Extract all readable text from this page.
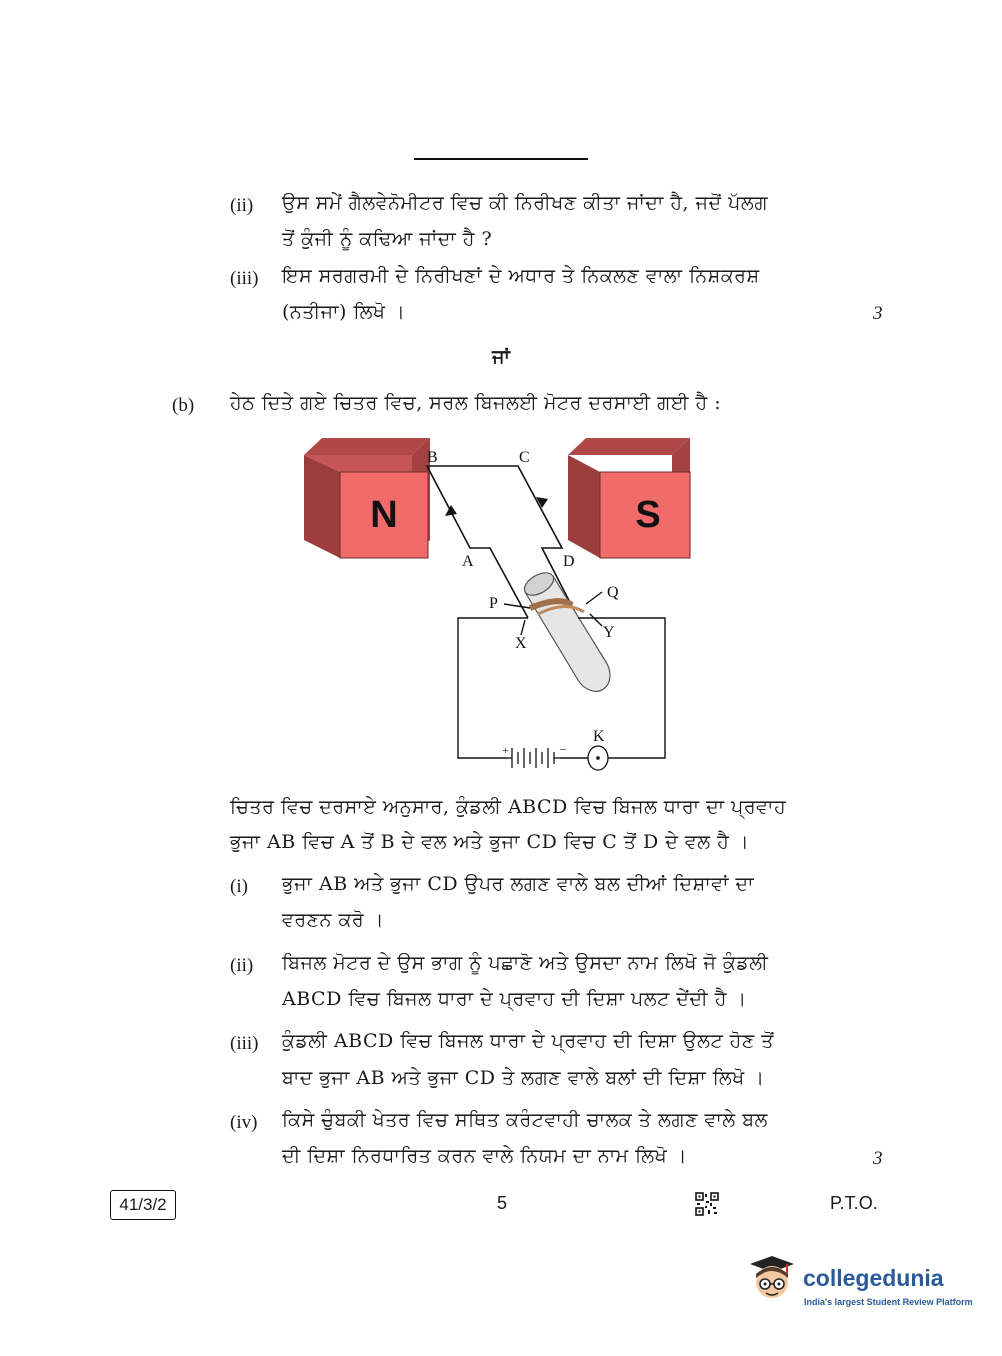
(ii) ਉਸ ਸਮੇਂ ਗੈਲਵੇਨੋਮੀਟਰ ਵਿਚ ਕੀ ਨਿਰੀਖਣ ਕੀਤਾ ਜਾਂਦਾ ਹੈ, ਜਦੋਂ ਪੱਲਗ
ਤੋਂ ਕੁੰਜੀ ਨੂੰ ਕਢਿਆ ਜਾਂਦਾ ਹੈ ?
(iii) ਇਸ ਸਰਗਰਮੀ ਦੇ ਨਿਰੀਖਣਾਂ ਦੇ ਅਧਾਰ ਤੇ ਨਿਕਲਣ ਵਾਲਾ ਨਿਸ਼ਕਰਸ਼
(ਨਤੀਜਾ) ਲਿਖੋ ।	3
ਜਾਂ
(b) ਹੇਠ ਦਿਤੇ ਗਏ ਚਿਤਰ ਵਿਚ, ਸਰਲ ਬਿਜਲਈ ਮੋਟਰ ਦਰਸਾਈ ਗਈ ਹੈ :
N	S
+	–
B	C
A	D
P
Q
X
Y
K
ਚਿਤਰ ਵਿਚ ਦਰਸਾਏ ਅਨੁਸਾਰ, ਕੁੰਡਲੀ ABCD ਵਿਚ ਬਿਜਲ ਧਾਰਾ ਦਾ ਪ੍ਰਵਾਹ
ਭੁਜਾ AB ਵਿਚ A ਤੋਂ B ਦੇ ਵਲ ਅਤੇ ਭੁਜਾ CD ਵਿਚ C ਤੋਂ D ਦੇ ਵਲ ਹੈ ।
(i) ਭੁਜਾ AB ਅਤੇ ਭੁਜਾ CD ਉਪਰ ਲਗਣ ਵਾਲੇ ਬਲ ਦੀਆਂ ਦਿਸ਼ਾਵਾਂ ਦਾ
ਵਰਣਨ ਕਰੋ ।
(ii) ਬਿਜਲ ਮੋਟਰ ਦੇ ਉਸ ਭਾਗ ਨੂੰ ਪਛਾਣੋ ਅਤੇ ਉਸਦਾ ਨਾਮ ਲਿਖੋ ਜੋ ਕੁੰਡਲੀ
ABCD ਵਿਚ ਬਿਜਲ ਧਾਰਾ ਦੇ ਪ੍ਰਵਾਹ ਦੀ ਦਿਸ਼ਾ ਪਲਟ ਦੇਂਦੀ ਹੈ ।
(iii) ਕੁੰਡਲੀ ABCD ਵਿਚ ਬਿਜਲ ਧਾਰਾ ਦੇ ਪ੍ਰਵਾਹ ਦੀ ਦਿਸ਼ਾ ਉਲਟ ਹੋਣ ਤੋਂ
ਬਾਦ ਭੁਜਾ AB ਅਤੇ ਭੁਜਾ CD ਤੇ ਲਗਣ ਵਾਲੇ ਬਲਾਂ ਦੀ ਦਿਸ਼ਾ ਲਿਖੋ ।
(iv) ਕਿਸੇ ਚੁੰਬਕੀ ਖੇਤਰ ਵਿਚ ਸਥਿਤ ਕਰੰਟਵਾਹੀ ਚਾਲਕ ਤੇ ਲਗਣ ਵਾਲੇ ਬਲ
ਦੀ ਦਿਸ਼ਾ ਨਿਰਧਾਰਿਤ ਕਰਨ ਵਾਲੇ ਨਿਯਮ ਦਾ ਨਾਮ ਲਿਖੋ ।	3
41/3/2	5	P.T.O.
collegedunia
India's largest Student Review Platform
